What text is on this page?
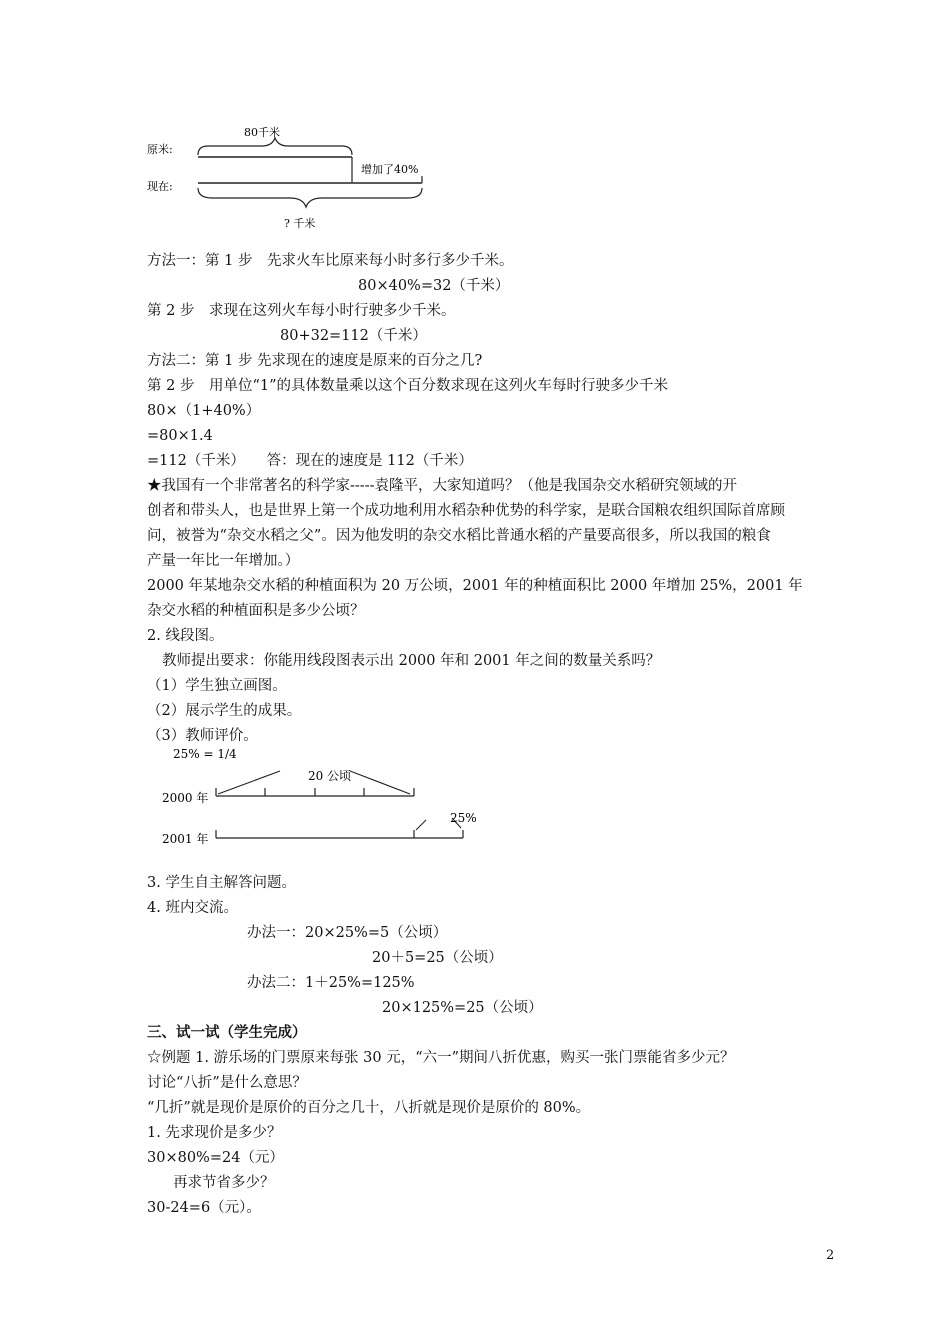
原米:
现在:
80千米
增加了40%
? 千米
方法一：第 1 步　先求火车比原来每小时多行多少千米。
80×40%=32（千米）
第 2 步　求现在这列火车每小时行驶多少千米。
80+32=112（千米）
方法二：第 1 步 先求现在的速度是原来的百分之几?
第 2 步　用单位“1”的具体数量乘以这个百分数求现在这列火车每时行驶多少千米
80×（1+40%）
=80×1.4
=112（千米）　　答：现在的速度是 112（千米）
★我国有一个非常著名的科学家-----袁隆平，大家知道吗？（他是我国杂交水稻研究领域的开
创者和带头人，也是世界上第一个成功地利用水稻杂种优势的科学家，是联合国粮农组织国际首席顾
问，被誉为“杂交水稻之父”。因为他发明的杂交水稻比普通水稻的产量要高很多，所以我国的粮食
产量一年比一年增加。）
2000 年某地杂交水稻的种植面积为 20 万公顷，2001 年的种植面积比 2000 年增加 25%，2001 年
杂交水稻的种植面积是多少公顷？
2. 线段图。
教师提出要求：你能用线段图表示出 2000 年和 2001 年之间的数量关系吗？
（1）学生独立画图。
（2）展示学生的成果。
（3）教师评价。
25% = 1/4
20 公顷
2000 年
2001 年
25%
3. 学生自主解答问题。
4. 班内交流。
办法一：20×25%=5（公顷）
20＋5=25（公顷）
办法二：1＋25%=125%
20×125%=25（公顷）
三、试一试（学生完成）
☆例题 1. 游乐场的门票原来每张 30 元，“六一”期间八折优惠，购买一张门票能省多少元？
讨论“八折”是什么意思？
“几折”就是现价是原价的百分之几十，八折就是现价是原价的 80%。
1. 先求现价是多少？
30×80%=24（元）
再求节省多少？
30-24=6（元）。
2
